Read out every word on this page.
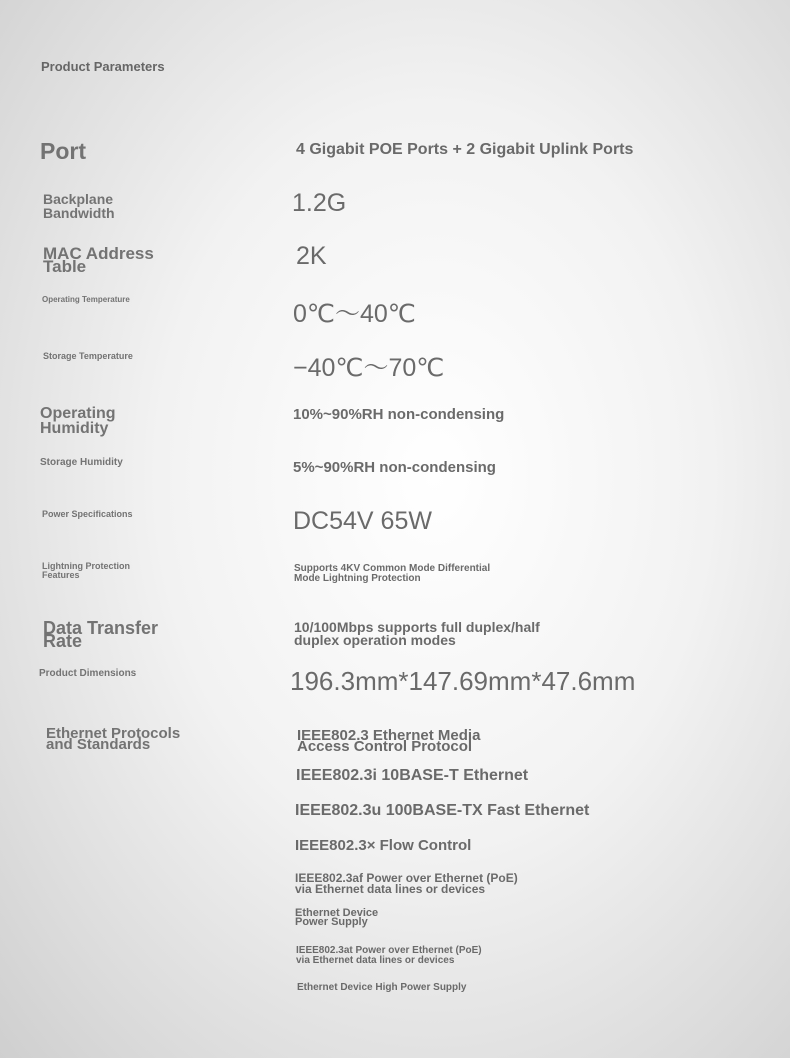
Product Parameters
Port
Backplane
Bandwidth
MAC Address
Table
Operating Temperature
Storage Temperature
Operating
Humidity
Storage Humidity
Power Specifications
Lightning Protection
Features
Data Transfer
Rate
Product Dimensions
Ethernet Protocols
and Standards
4 Gigabit POE Ports + 2 Gigabit Uplink Ports
1.2G
2K
0℃～40℃
−40℃～70℃
10%~90%RH non-condensing
5%~90%RH non-condensing
DC54V 65W
Supports 4KV Common Mode Differential
Mode Lightning Protection
10/100Mbps supports full duplex/half
duplex operation modes
196.3mm*147.69mm*47.6mm
IEEE802.3 Ethernet Media
Access Control Protocol
IEEE802.3i 10BASE-T Ethernet
IEEE802.3u 100BASE-TX Fast Ethernet
IEEE802.3× Flow Control
IEEE802.3af Power over Ethernet (PoE)
via Ethernet data lines or devices
Ethernet Device
Power Supply
IEEE802.3at Power over Ethernet (PoE)
via Ethernet data lines or devices
Ethernet Device High Power Supply
